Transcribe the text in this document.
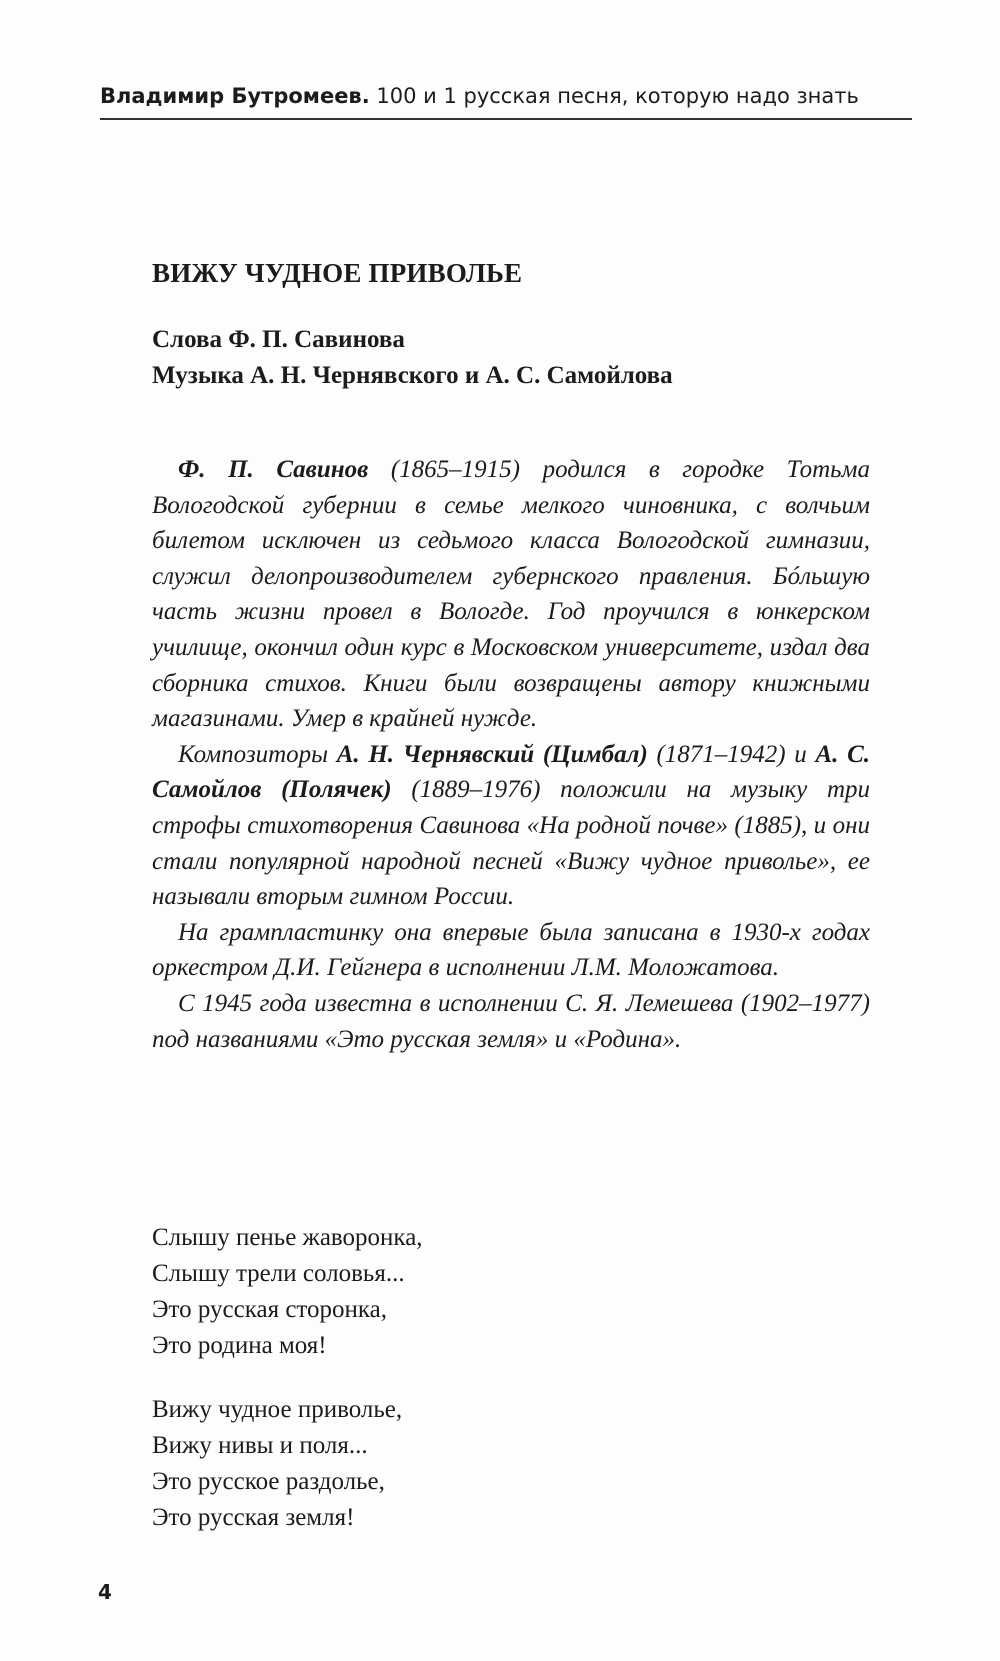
Владимир Бутромеев. 100 и 1 русская песня, которую надо знать
ВИЖУ ЧУДНОЕ ПРИВОЛЬЕ
Слова Ф. П. Савинова
Музыка А. Н. Чернявского и А. С. Самойлова

Ф. П. Савинов (1865–1915) родился в городке Тотьма Вологодской губернии в семье мелкого чиновника, с волчьим билетом исключен из седьмого класса Вологодской гимназии, служил делопроизводителем губернского правления. Бóльшую часть жизни провел в Вологде. Год проучился в юнкерском училище, окончил один курс в Московском университете, издал два сборника стихов. Книги были возвращены автору книжными магазинами. Умер в крайней нужде.

Композиторы А. Н. Чернявский (Цимбал) (1871–1942) и А. С. Самойлов (Полячек) (1889–1976) положили на музыку три строфы стихотворения Савинова «На родной почве» (1885), и они стали популярной народной песней «Вижу чудное приволье», ее называли вторым гимном России.

На грампластинку она впервые была записана в 1930-х годах оркестром Д.И. Гейгнера в исполнении Л.М. Моложатова.

С 1945 года известна в исполнении С. Я. Лемешева (1902–1977) под названиями «Это русская земля» и «Родина».

Слышу пенье жаворонка,
Слышу трели соловья...
Это русская сторонка,
Это родина моя!
Вижу чудное приволье,
Вижу нивы и поля...
Это русское раздолье,
Это русская земля!
4
